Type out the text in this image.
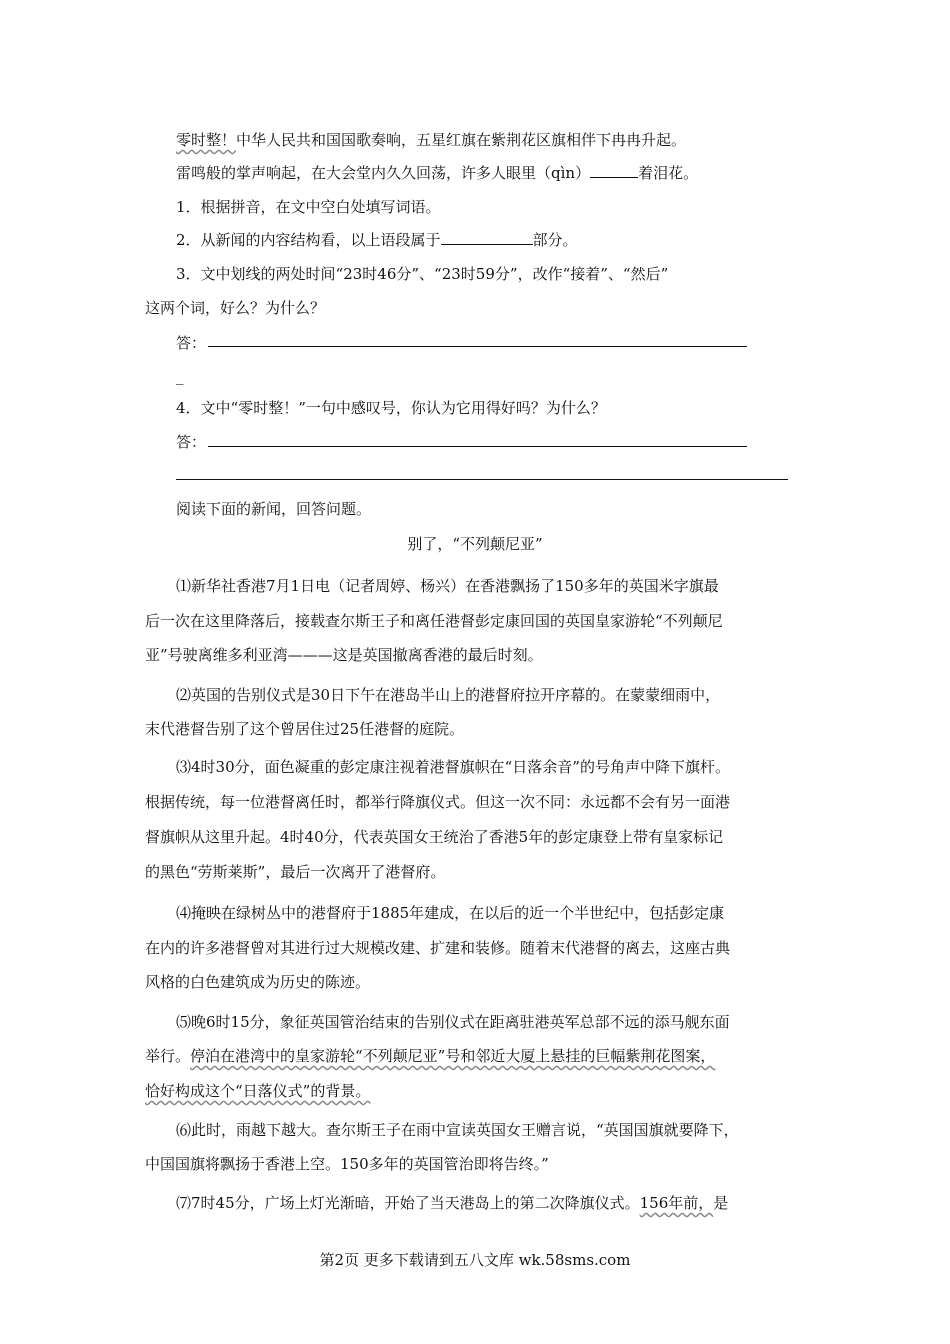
零时整！中华人民共和国国歌奏响，五星红旗在紫荆花区旗相伴下冉冉升起。
雷鸣般的掌声响起，在大会堂内久久回荡，许多人眼里（qìn）	着泪花。
1．根据拼音，在文中空白处填写词语。
2．从新闻的内容结构看，以上语段属于	部分。
3．文中划线的两处时间“23时46分”、“23时59分”，改作“接着”、“然后”
这两个词，好么？为什么？
答：
_
4．文中“零时整！”一句中感叹号，你认为它用得好吗？为什么？
答：
阅读下面的新闻，回答问题。
别了，“不列颠尼亚”
⑴新华社香港7月1日电（记者周婷、杨兴）在香港飘扬了150多年的英国米字旗最
后一次在这里降落后，接载查尔斯王子和离任港督彭定康回国的英国皇家游轮“不列颠尼
亚”号驶离维多利亚湾———这是英国撤离香港的最后时刻。
⑵英国的告别仪式是30日下午在港岛半山上的港督府拉开序幕的。在蒙蒙细雨中，
末代港督告别了这个曾居住过25任港督的庭院。
⑶4时30分，面色凝重的彭定康注视着港督旗帜在“日落余音”的号角声中降下旗杆。
根据传统，每一位港督离任时，都举行降旗仪式。但这一次不同：永远都不会有另一面港
督旗帜从这里升起。4时40分，代表英国女王统治了香港5年的彭定康登上带有皇家标记
的黑色“劳斯莱斯”，最后一次离开了港督府。
⑷掩映在绿树丛中的港督府于1885年建成，在以后的近一个半世纪中，包括彭定康
在内的许多港督曾对其进行过大规模改建、扩建和装修。随着末代港督的离去，这座古典
风格的白色建筑成为历史的陈迹。
⑸晚6时15分，象征英国管治结束的告别仪式在距离驻港英军总部不远的添马舰东面
举行。停泊在港湾中的皇家游轮“不列颠尼亚”号和邻近大厦上悬挂的巨幅紫荆花图案，
恰好构成这个“日落仪式”的背景。
⑹此时，雨越下越大。查尔斯王子在雨中宣读英国女王赠言说，“英国国旗就要降下，
中国国旗将飘扬于香港上空。150多年的英国管治即将告终。”
⑺7时45分，广场上灯光渐暗，开始了当天港岛上的第二次降旗仪式。156年前，是
第2页 更多下载请到五八文库 wk.58sms.com
